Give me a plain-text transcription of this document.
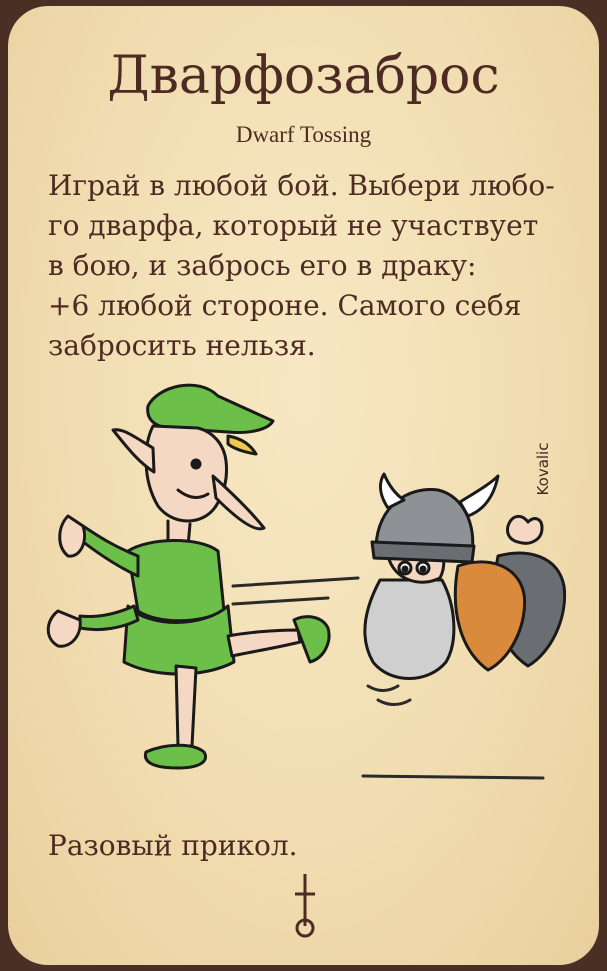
Дварфозаброс
Dwarf Tossing
Играй в любой бой. Выбери любо-
го дварфа, который не участвует
в бою, и забрось его в драку:
+6 любой стороне. Самого себя
забросить нельзя.
Kovalic
Разовый прикол.
